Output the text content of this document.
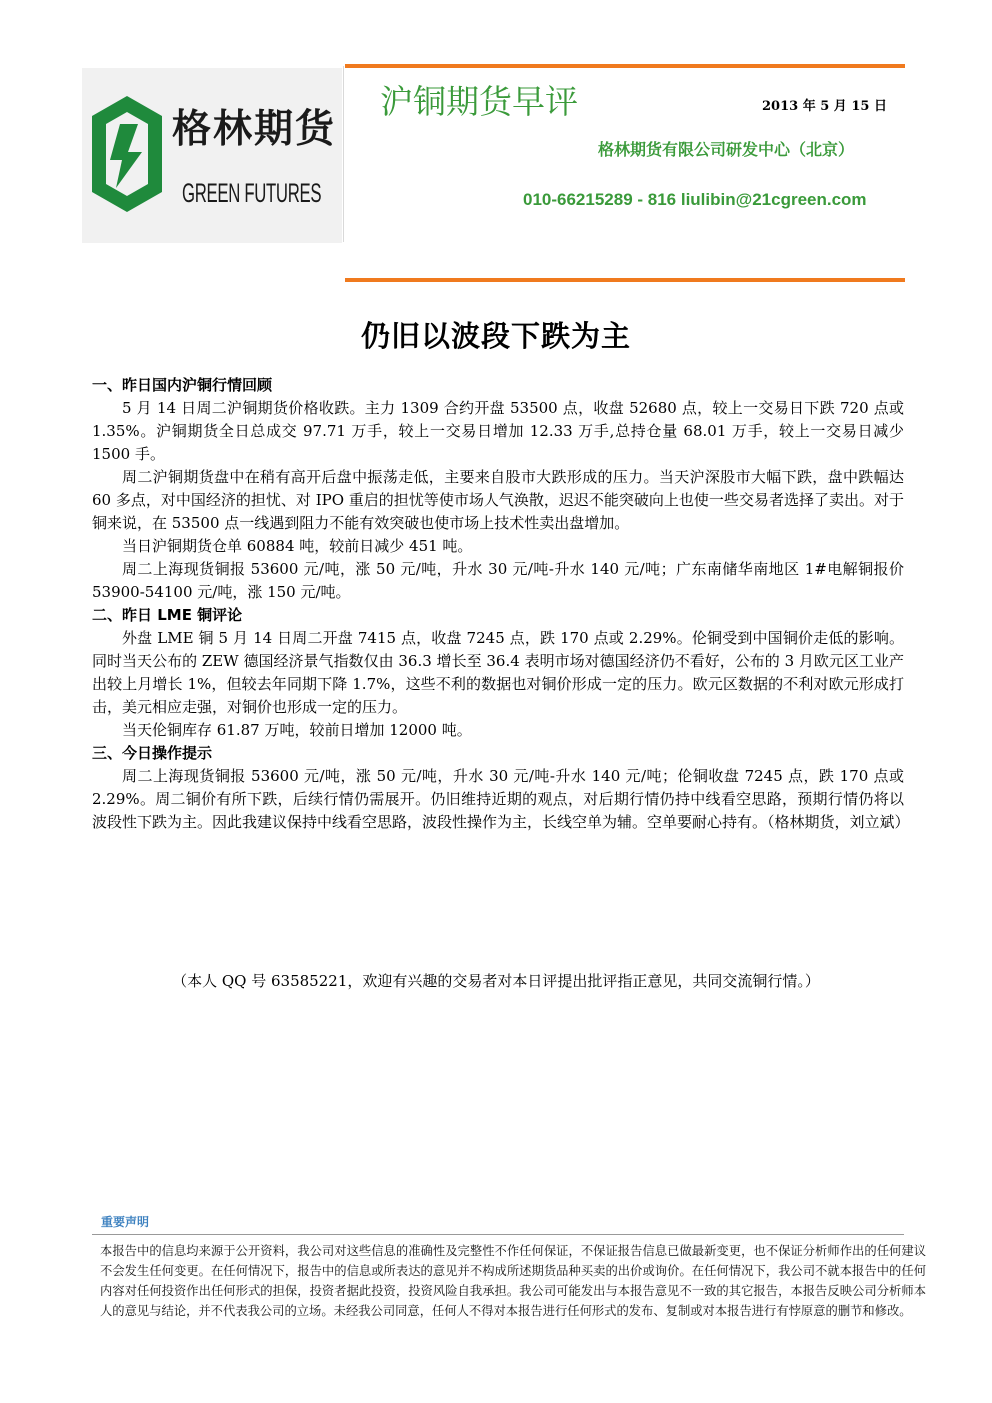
格林期货
GREEN FUTURES
沪铜期货早评	2013 年 5 月 15 日
格林期货有限公司研发中心（北京）
010-66215289 - 816 liulibin@21cgreen.com
仍旧以波段下跌为主
一、昨日国内沪铜行情回顾

5 月 14 日周二沪铜期货价格收跌。主力 1309 合约开盘 53500 点，收盘 52680 点，较上一交易日下跌 720 点或 1.35%。沪铜期货全日总成交 97.71 万手，较上一交易日增加 12.33 万手,总持仓量 68.01 万手，较上一交易日减少 1500 手。

周二沪铜期货盘中在稍有高开后盘中振荡走低，主要来自股市大跌形成的压力。当天沪深股市大幅下跌，盘中跌幅达 60 多点，对中国经济的担忧、对 IPO 重启的担忧等使市场人气涣散，迟迟不能突破向上也使一些交易者选择了卖出。对于铜来说，在 53500 点一线遇到阻力不能有效突破也使市场上技术性卖出盘增加。

当日沪铜期货仓单 60884 吨，较前日减少 451 吨。

周二上海现货铜报 53600 元/吨，涨 50 元/吨，升水 30 元/吨-升水 140 元/吨；广东南储华南地区 1#电解铜报价 53900-54100 元/吨，涨 150 元/吨。

二、昨日 LME 铜评论

外盘 LME 铜 5 月 14 日周二开盘 7415 点，收盘 7245 点，跌 170 点或 2.29%。伦铜受到中国铜价走低的影响。同时当天公布的 ZEW 德国经济景气指数仅由 36.3 增长至 36.4 表明市场对德国经济仍不看好，公布的 3 月欧元区工业产出较上月增长 1%，但较去年同期下降 1.7%，这些不利的数据也对铜价形成一定的压力。欧元区数据的不利对欧元形成打击，美元相应走强，对铜价也形成一定的压力。

当天伦铜库存 61.87 万吨，较前日增加 12000 吨。

三、今日操作提示

周二上海现货铜报 53600 元/吨，涨 50 元/吨，升水 30 元/吨-升水 140 元/吨；伦铜收盘 7245 点，跌 170 点或 2.29%。周二铜价有所下跌，后续行情仍需展开。仍旧维持近期的观点，对后期行情仍持中线看空思路，预期行情仍将以波段性下跌为主。因此我建议保持中线看空思路，波段性操作为主，长线空单为辅。空单要耐心持有。（格林期货，刘立斌）

（本人 QQ 号 63585221，欢迎有兴趣的交易者对本日评提出批评指正意见，共同交流铜行情。）
重要声明
本报告中的信息均来源于公开资料，我公司对这些信息的准确性及完整性不作任何保证，不保证报告信息已做最新变更，也不保证分析师作出的任何建议不会发生任何变更。在任何情况下，报告中的信息或所表达的意见并不构成所述期货品种买卖的出价或询价。在任何情况下，我公司不就本报告中的任何内容对任何投资作出任何形式的担保，投资者据此投资，投资风险自我承担。我公司可能发出与本报告意见不一致的其它报告，本报告反映公司分析师本人的意见与结论，并不代表我公司的立场。未经我公司同意，任何人不得对本报告进行任何形式的发布、复制或对本报告进行有悖原意的删节和修改。
